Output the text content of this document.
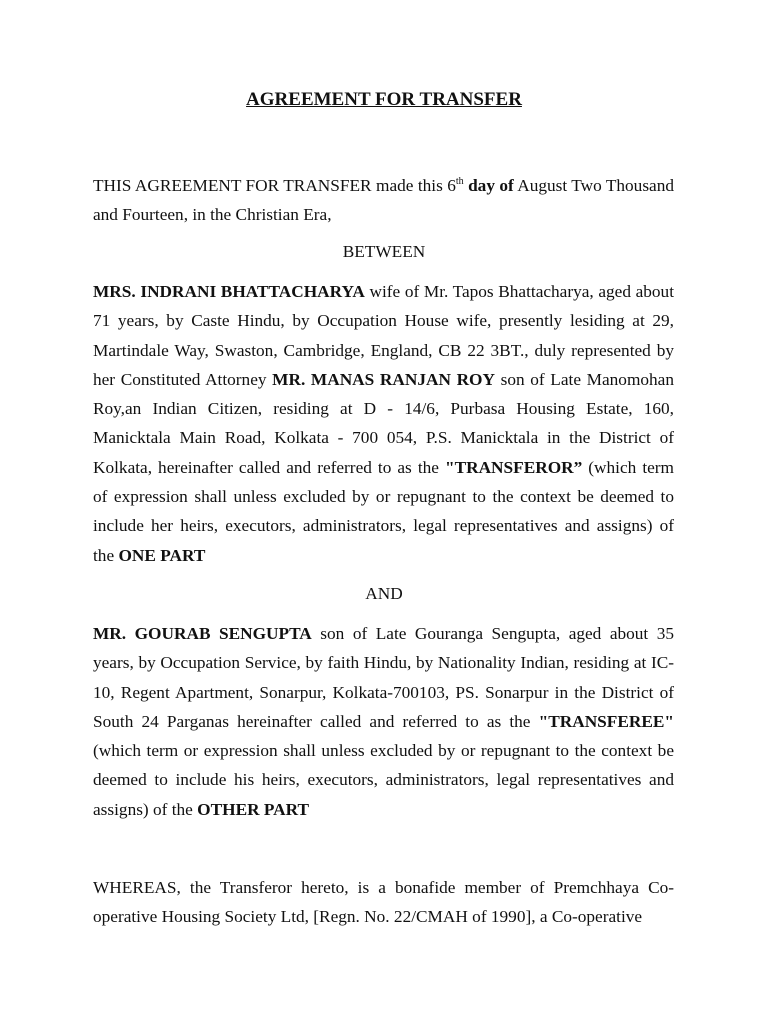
AGREEMENT FOR TRANSFER

THIS AGREEMENT FOR TRANSFER made this 6th day of August Two Thousand and Fourteen, in the Christian Era,

BETWEEN

MRS. INDRANI BHATTACHARYA wife of Mr. Tapos Bhattacharya, aged about 71 years, by Caste Hindu, by Occupation House wife, presently lesiding at 29, Martindale Way, Swaston, Cambridge, England, CB 22 3BT., duly represented by her Constituted Attorney MR. MANAS RANJAN ROY son of Late Manomohan Roy,an Indian Citizen, residing at D - 14/6, Purbasa Housing Estate, 160, Manicktala Main Road, Kolkata - 700 054, P.S. Manicktala in the District of Kolkata, hereinafter called and referred to as the "TRANSFEROR” (which term of expression shall unless excluded by or repugnant to the context be deemed to include her heirs, executors, administrators, legal representatives and assigns) of the ONE PART

AND

MR. GOURAB SENGUPTA son of Late Gouranga Sengupta, aged about 35 years, by Occupation Service, by faith Hindu, by Nationality Indian, residing at IC-10, Regent Apartment, Sonarpur, Kolkata-700103, PS. Sonarpur in the District of South 24 Parganas hereinafter called and referred to as the "TRANSFEREE" (which term or expression shall unless excluded by or repugnant to the context be deemed to include his heirs, executors, administrators, legal representatives and assigns) of the OTHER PART

WHEREAS, the Transferor hereto, is a bonafide member of Premchhaya Co-operative Housing Society Ltd, [Regn. No. 22/CMAH of 1990], a Co-operative
